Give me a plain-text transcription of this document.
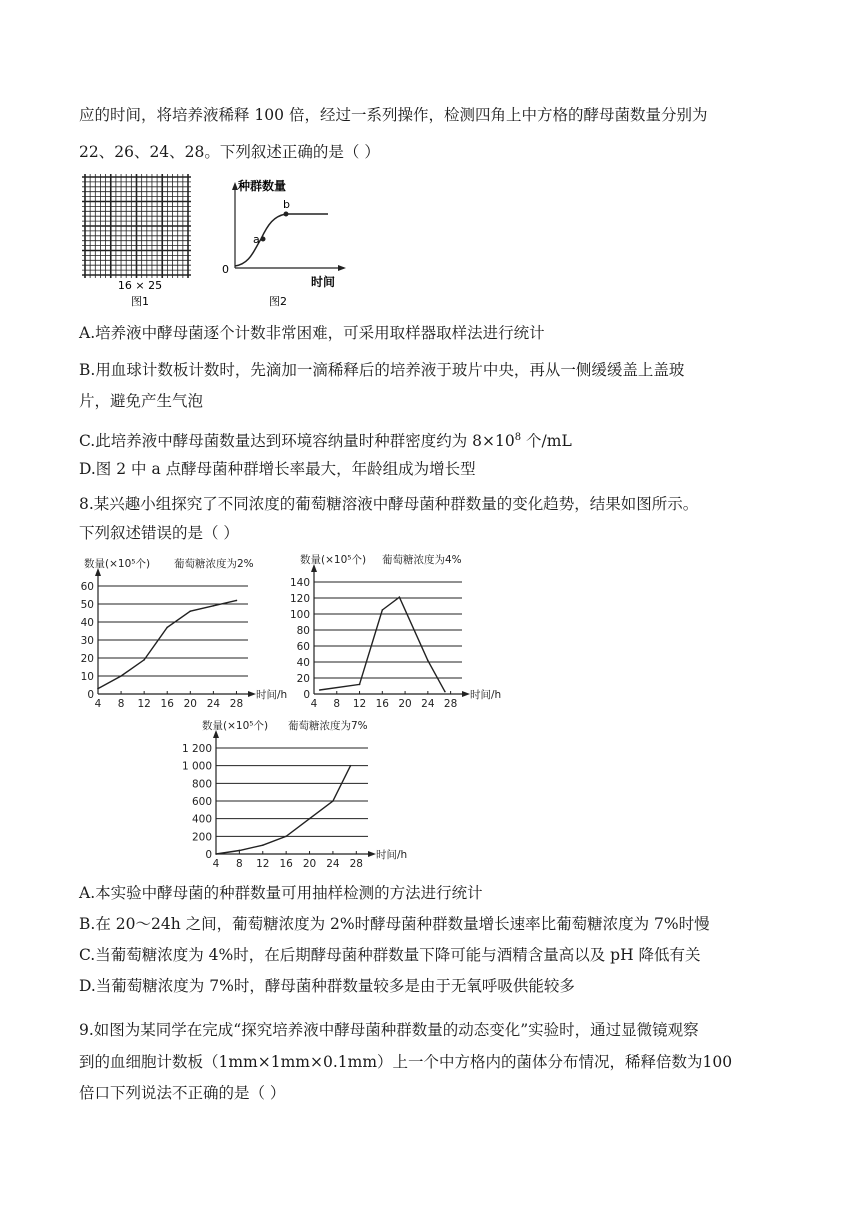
应的时间，将培养液稀释 100 倍，经过一系列操作，检测四角上中方格的酵母菌数量分别为
22、26、24、28。下列叙述正确的是（ ）
16 × 25
图1
种群数量
时间
0
a
b
图2
A.培养液中酵母菌逐个计数非常困难，可采用取样器取样法进行统计
B.用血球计数板计数时，先滴加一滴稀释后的培养液于玻片中央，再从一侧缓缓盖上盖玻
片，避免产生气泡
C.此培养液中酵母菌数量达到环境容纳量时种群密度约为 $8\times 10^8$ 个/mL
D.图 2 中 a 点酵母菌种群增长率最大，年龄组成为增长型
8.某兴趣小组探究了不同浓度的葡萄糖溶液中酵母菌种群数量的变化趋势，结果如图所示。
下列叙述错误的是（ ）
0
10
20
30
40
50
60
4 8 12 16 20 24 28
时间/h
数量(×10⁵个) 葡萄糖浓度为2%
0
20
40
60
80
100
120
140
4 8 12 16 20 24 28
时间/h
数量(×10⁵个) 葡萄糖浓度为4%
0
200
400
600
800
1 000
1 200
4 8 12 16 20 24 28
时间/h
数量(×10⁵个) 葡萄糖浓度为7%
A.本实验中酵母菌的种群数量可用抽样检测的方法进行统计
B.在 20～24h 之间，葡萄糖浓度为 2%时酵母菌种群数量增长速率比葡萄糖浓度为 7%时慢
C.当葡萄糖浓度为 4%时，在后期酵母菌种群数量下降可能与酒精含量高以及 pH 降低有关
D.当葡萄糖浓度为 7%时，酵母菌种群数量较多是由于无氧呼吸供能较多
9.如图为某同学在完成“探究培养液中酵母菌种群数量的动态变化”实验时，通过显微镜观察
到的血细胞计数板（1mm×1mm×0.1mm）上一个中方格内的菌体分布情况，稀释倍数为100
倍口下列说法不正确的是（ ）
